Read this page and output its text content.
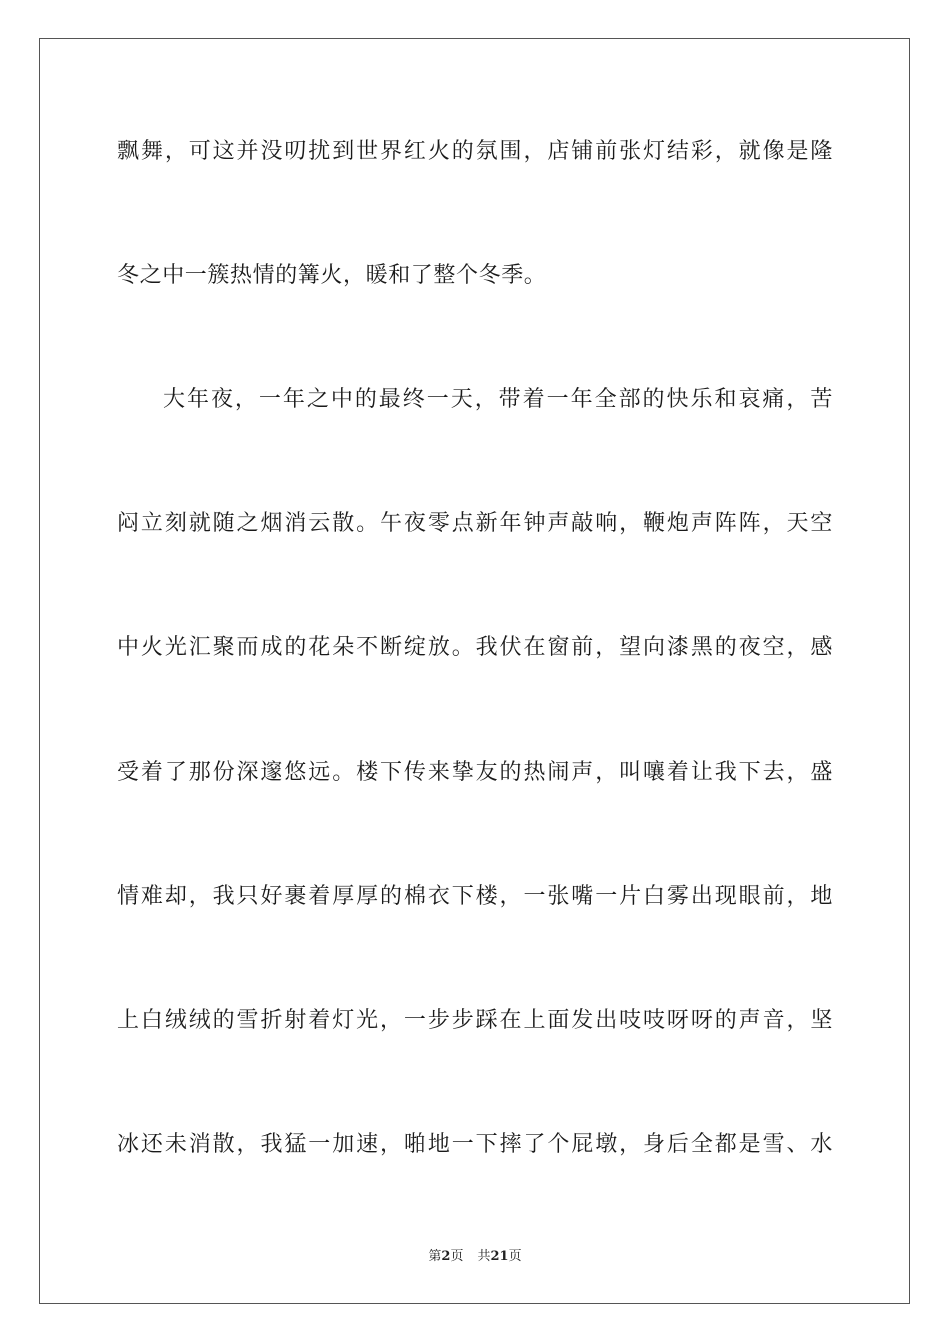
飘舞，可这并没叨扰到世界红火的氛围，店铺前张灯结彩，就像是隆
冬之中一簇热情的篝火，暖和了整个冬季。
大年夜，一年之中的最终一天，带着一年全部的快乐和哀痛，苦
闷立刻就随之烟消云散。午夜零点新年钟声敲响，鞭炮声阵阵，天空
中火光汇聚而成的花朵不断绽放。我伏在窗前，望向漆黑的夜空，感
受着了那份深邃悠远。楼下传来挚友的热闹声，叫嚷着让我下去，盛
情难却，我只好裹着厚厚的棉衣下楼，一张嘴一片白雾出现眼前，地
上白绒绒的雪折射着灯光，一步步踩在上面发出吱吱呀呀的声音，坚
冰还未消散，我猛一加速，啪地一下摔了个屁墩，身后全都是雪、水
第2页 共21页
